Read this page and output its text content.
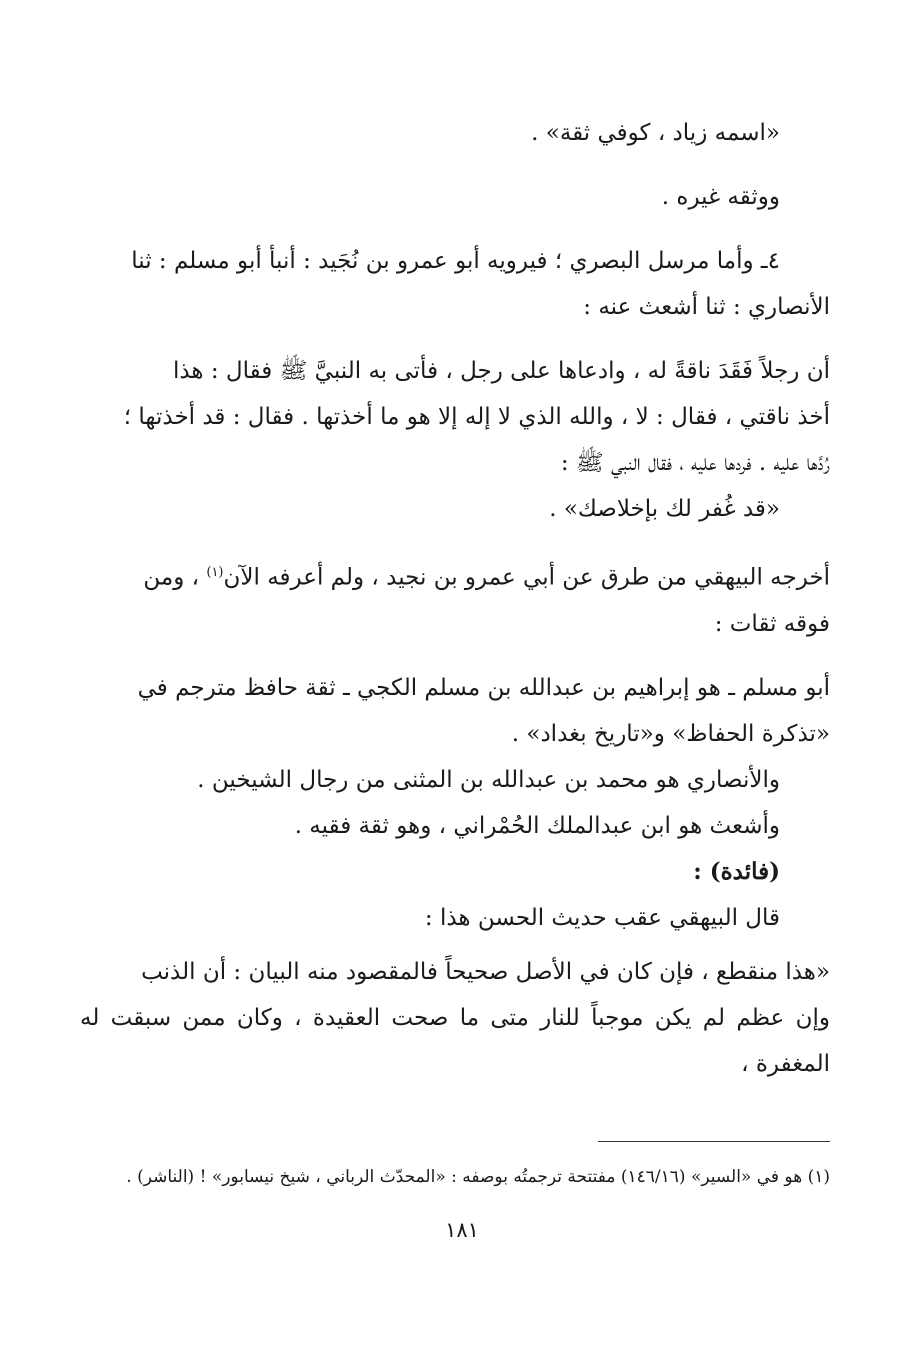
«اسمه زياد ، كوفي ثقة» .

ووثقه غيره .

٤ـ وأما مرسل البصري ؛ فيرويه أبو عمرو بن نُجَيد : أنبأ أبو مسلم : ثنا

الأنصاري : ثنا أشعث عنه :

أن رجلاً فَقَدَ ناقةً له ، وادعاها على رجل ، فأتى به النبيَّ ﷺ فقال : هذا

أخذ ناقتي ، فقال : لا ، والله الذي لا إله إلا هو ما أخذتها . فقال : قد أخذتها ؛

رُدَّها عليه . فردها عليه ، فقال النبي ﷺ :

«قد غُفر لك بإخلاصك» .

أخرجه البيهقي من طرق عن أبي عمرو بن نجيد ، ولم أعرفه الآن$^{(١)}$ ، ومن

فوقه ثقات :

أبو مسلم ـ هو إبراهيم بن عبدالله بن مسلم الكجي ـ ثقة حافظ مترجم في

«تذكرة الحفاظ» و«تاريخ بغداد» .

والأنصاري هو محمد بن عبدالله بن المثنى من رجال الشيخين .

وأشعث هو ابن عبدالملك الحُمْراني ، وهو ثقة فقيه .

(فائدة) :

قال البيهقي عقب حديث الحسن هذا :

«هذا منقطع ، فإن كان في الأصل صحيحاً فالمقصود منه البيان : أن الذنب

وإن عظم لم يكن موجباً للنار متى ما صحت العقيدة ، وكان ممن سبقت له المغفرة ،

(١) هو في «السير» (١٤٦/١٦) مفتتحة ترجمتُه بوصفه : «المحدّث الرباني ، شيخ نيسابور» ! (الناشر) .
١٨١
